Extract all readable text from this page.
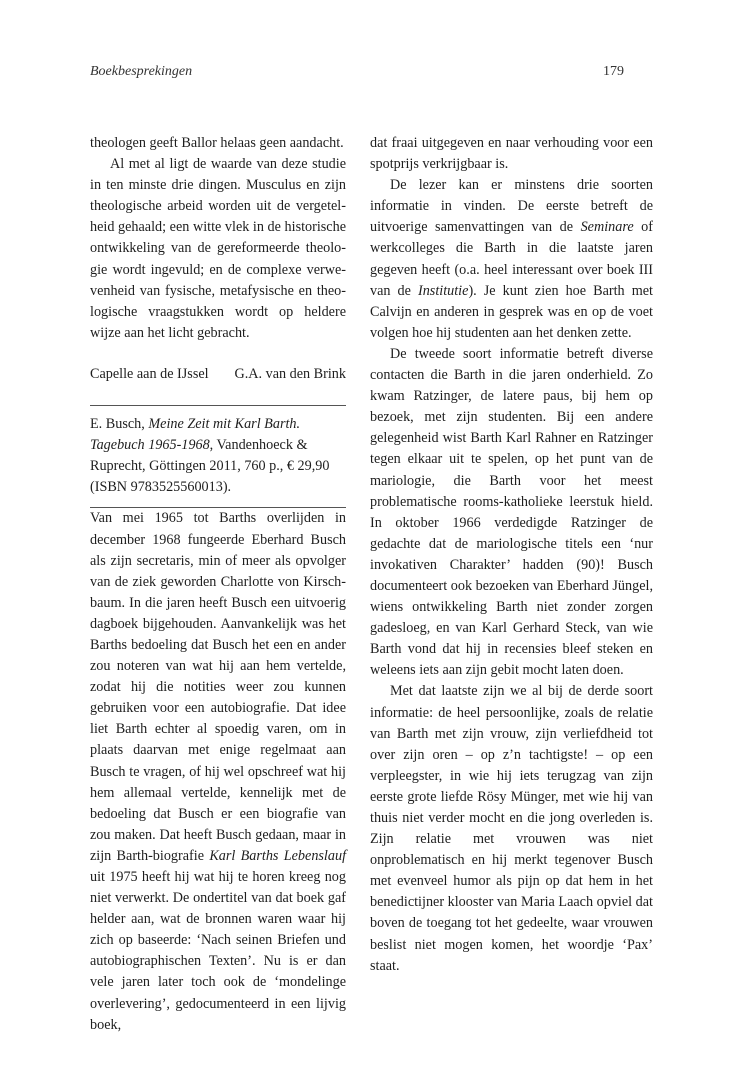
Boekbesprekingen	179

theologen geeft Ballor helaas geen aandacht.

Al met al ligt de waarde van deze studie in ten minste drie dingen. Musculus en zijn theologische arbeid worden uit de vergetelheid gehaald; een witte vlek in de historische ontwikkeling van de gereformeerde theologie wordt ingevuld; en de complexe verwevenheid van fysische, metafysische en theologische vraagstukken wordt op heldere wijze aan het licht gebracht.

Capelle aan de IJssel G.A. van den Brink
E. Busch, Meine Zeit mit Karl Barth.
Tagebuch 1965-1968, Vandenhoeck &
Ruprecht, Göttingen 2011, 760 p., € 29,90
(ISBN 9783525560013).

Van mei 1965 tot Barths overlijden in december 1968 fungeerde Eberhard Busch als zijn secretaris, min of meer als opvolger van de ziek geworden Charlotte von Kirschbaum. In die jaren heeft Busch een uitvoerig dagboek bijgehouden. Aanvankelijk was het Barths bedoeling dat Busch het een en ander zou noteren van wat hij aan hem vertelde, zodat hij die notities weer zou kunnen gebruiken voor een autobiografie. Dat idee liet Barth echter al spoedig varen, om in plaats daarvan met enige regelmaat aan Busch te vragen, of hij wel opschreef wat hij hem allemaal vertelde, kennelijk met de bedoeling dat Busch er een biografie van zou maken. Dat heeft Busch gedaan, maar in zijn Barth-biografie Karl Barths Lebenslauf uit 1975 heeft hij wat hij te horen kreeg nog niet verwerkt. De ondertitel van dat boek gaf helder aan, wat de bronnen waren waar hij zich op baseerde: ‘Nach seinen Briefen und autobiographischen Texten’. Nu is er dan vele jaren later toch ook de ‘mondelinge overlevering’, gedocumenteerd in een lijvig boek,

dat fraai uitgegeven en naar verhouding voor een spotprijs verkrijgbaar is.

De lezer kan er minstens drie soorten informatie in vinden. De eerste betreft de uitvoerige samenvattingen van de Seminare of werkcolleges die Barth in die laatste jaren gegeven heeft (o.a. heel interessant over boek III van de Institutie). Je kunt zien hoe Barth met Calvijn en anderen in gesprek was en op de voet volgen hoe hij studenten aan het denken zette.

De tweede soort informatie betreft diverse contacten die Barth in die jaren onderhield. Zo kwam Ratzinger, de latere paus, bij hem op bezoek, met zijn studenten. Bij een andere gelegenheid wist Barth Karl Rahner en Ratzinger tegen elkaar uit te spelen, op het punt van de mariologie, die Barth voor het meest problematische rooms-katholieke leerstuk hield. In oktober 1966 verdedigde Ratzinger de gedachte dat de mariologische titels een ‘nur invokativen Charakter’ hadden (90)! Busch documenteert ook bezoeken van Eberhard Jüngel, wiens ontwikkeling Barth niet zonder zorgen gadesloeg, en van Karl Gerhard Steck, van wie Barth vond dat hij in recensies bleef steken en weleens iets aan zijn gebit mocht laten doen.

Met dat laatste zijn we al bij de derde soort informatie: de heel persoonlijke, zoals de relatie van Barth met zijn vrouw, zijn verliefdheid tot over zijn oren – op z’n tachtigste! – op een verpleegster, in wie hij iets terugzag van zijn eerste grote liefde Rösy Münger, met wie hij van thuis niet verder mocht en die jong overleden is. Zijn relatie met vrouwen was niet onproblematisch en hij merkt tegenover Busch met evenveel humor als pijn op dat hem in het benedictijner klooster van Maria Laach opviel dat boven de toegang tot het gedeelte, waar vrouwen beslist niet mogen komen, het woordje ‘Pax’ staat.
